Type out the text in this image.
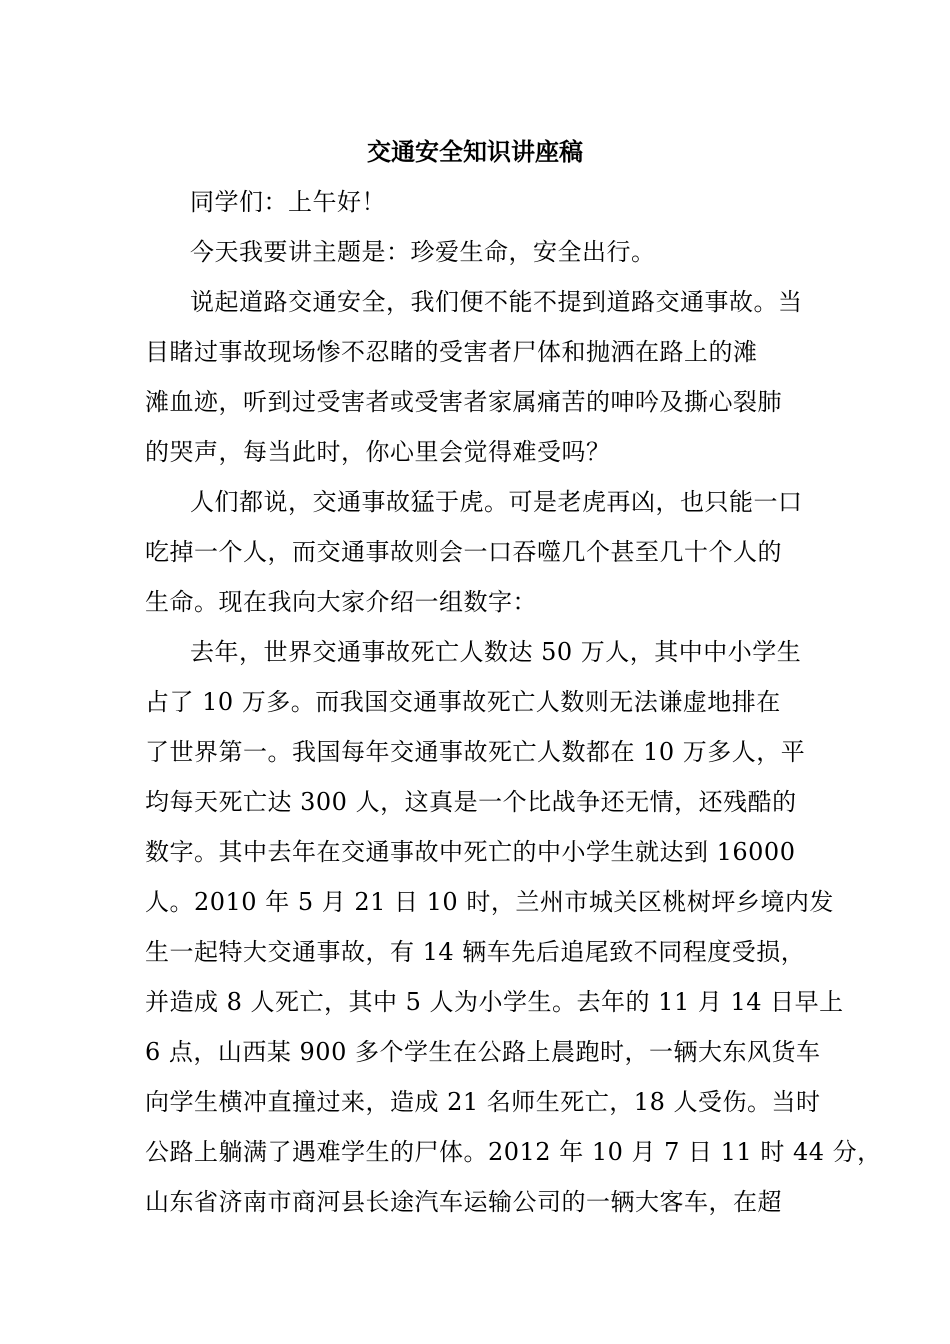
交通安全知识讲座稿
同学们：上午好！
今天我要讲主题是：珍爱生命，安全出行。
说起道路交通安全，我们便不能不提到道路交通事故。当
目睹过事故现场惨不忍睹的受害者尸体和抛洒在路上的滩
滩血迹，听到过受害者或受害者家属痛苦的呻吟及撕心裂肺
的哭声，每当此时，你心里会觉得难受吗？
人们都说，交通事故猛于虎。可是老虎再凶，也只能一口
吃掉一个人，而交通事故则会一口吞噬几个甚至几十个人的
生命。现在我向大家介绍一组数字：
去年，世界交通事故死亡人数达 50 万人，其中中小学生
占了 10 万多。而我国交通事故死亡人数则无法谦虚地排在
了世界第一。我国每年交通事故死亡人数都在 10 万多人，平
均每天死亡达 300 人，这真是一个比战争还无情，还残酷的
数字。其中去年在交通事故中死亡的中小学生就达到 16000
人。2010 年 5 月 21 日 10 时，兰州市城关区桃树坪乡境内发
生一起特大交通事故，有 14 辆车先后追尾致不同程度受损，
并造成 8 人死亡，其中 5 人为小学生。去年的 11 月 14 日早上
6 点，山西某 900 多个学生在公路上晨跑时，一辆大东风货车
向学生横冲直撞过来，造成 21 名师生死亡，18 人受伤。当时
公路上躺满了遇难学生的尸体。2012 年 10 月 7 日 11 时 44 分，
山东省济南市商河县长途汽车运输公司的一辆大客车，在超
